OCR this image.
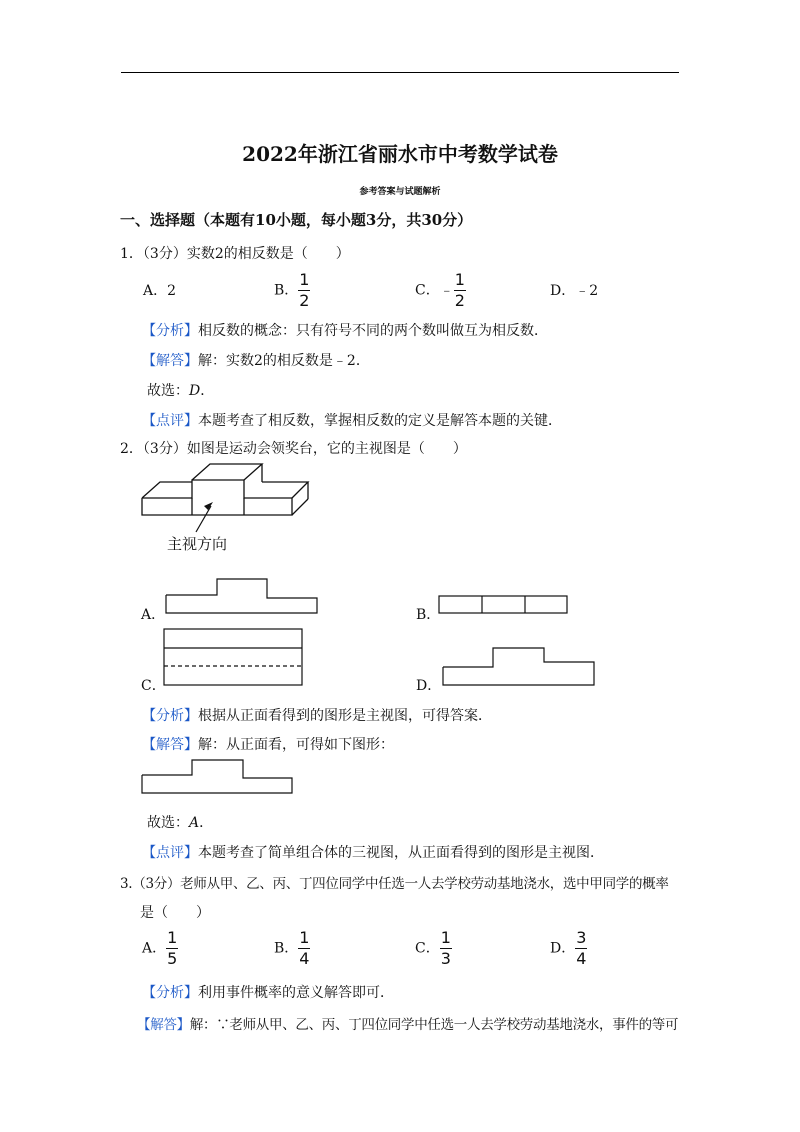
2022年浙江省丽水市中考数学试卷
参考答案与试题解析
一、选择题（本题有10小题，每小题3分，共30分）
1．（3分）实数2的相反数是（　　）
A．2	B． $\frac{1}{2}$	C．﹣ $\frac{1}{2}$	D．﹣2
【分析】相反数的概念：只有符号不同的两个数叫做互为相反数．
【解答】解：实数2的相反数是﹣2．
故选：D．
【点评】本题考查了相反数，掌握相反数的定义是解答本题的关键．
2．（3分）如图是运动会领奖台，它的主视图是（　　）
主视方向
A．	B．
C．	D．
【分析】根据从正面看得到的图形是主视图，可得答案．
【解答】解：从正面看，可得如下图形：
故选：A．
【点评】本题考查了简单组合体的三视图，从正面看得到的图形是主视图．
3.（3分）老师从甲、乙、丙、丁四位同学中任选一人去学校劳动基地浇水，选中甲同学的概率
是（　　）
A． $\frac{1}{5}$	B． $\frac{1}{4}$	C． $\frac{1}{3}$	D． $\frac{3}{4}$
【分析】利用事件概率的意义解答即可．
【解答】解：∵老师从甲、乙、丙、丁四位同学中任选一人去学校劳动基地浇水，事件的等可
